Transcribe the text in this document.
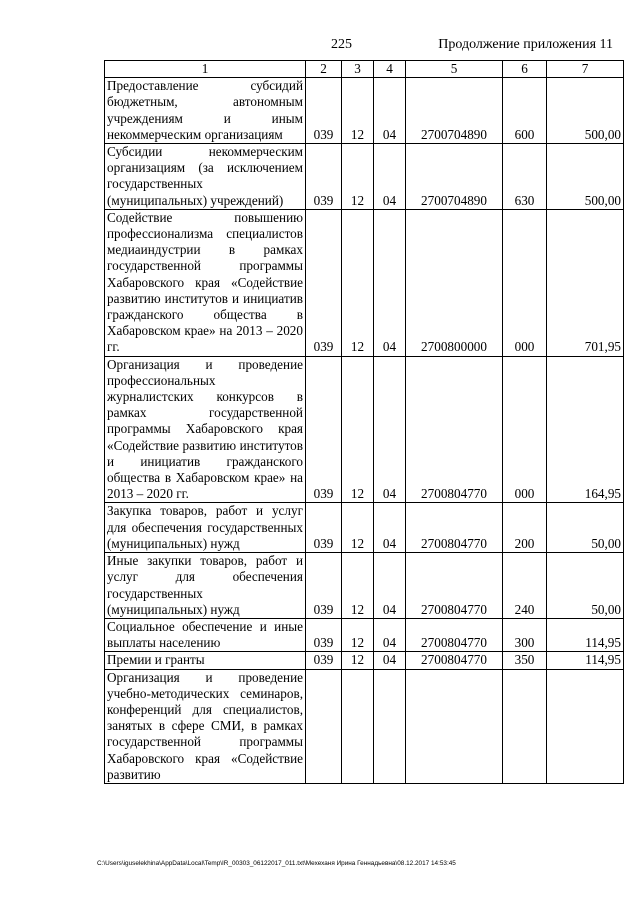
225	Продолжение приложения 11
1	2	3	4	5	6	7
Предоставление субсидий бюджетным, автономным учреждениям и иным некоммерческим организациям	039	12	04	2700704890	600	500,00
Субсидии некоммерческим организациям (за исключением государственных (муниципальных) учреждений)	039	12	04	2700704890	630	500,00
Содействие повышению профессионализма специалистов медиаиндустрии в рамках государственной программы Хабаровского края «Содействие развитию институтов и инициатив гражданского общества в Хабаровском крае» на 2013 – 2020 гг.	039	12	04	2700800000	000	701,95
Организация и проведение профессиональных журналистских конкурсов в рамках государственной программы Хабаровского края «Содействие развитию институтов и инициатив гражданского общества в Хабаровском крае» на 2013 – 2020 гг.	039	12	04	2700804770	000	164,95
Закупка товаров, работ и услуг для обеспечения государственных (муниципальных) нужд	039	12	04	2700804770	200	50,00
Иные закупки товаров, работ и услуг для обеспечения государственных (муниципальных) нужд	039	12	04	2700804770	240	50,00
Социальное обеспечение и иные выплаты населению	039	12	04	2700804770	300	114,95
Премии и гранты	039	12	04	2700804770	350	114,95
Организация и проведение учебно-методических семинаров, конференций для специалистов, занятых в сфере СМИ, в рамках государственной программы Хабаровского края «Содействие развитию						
C:\Users\iguselekhina\AppData\Local\Temp\IR_00303_06122017_011.txt\Мехеханя Ирина Геннадьевна\08.12.2017 14:53:45
